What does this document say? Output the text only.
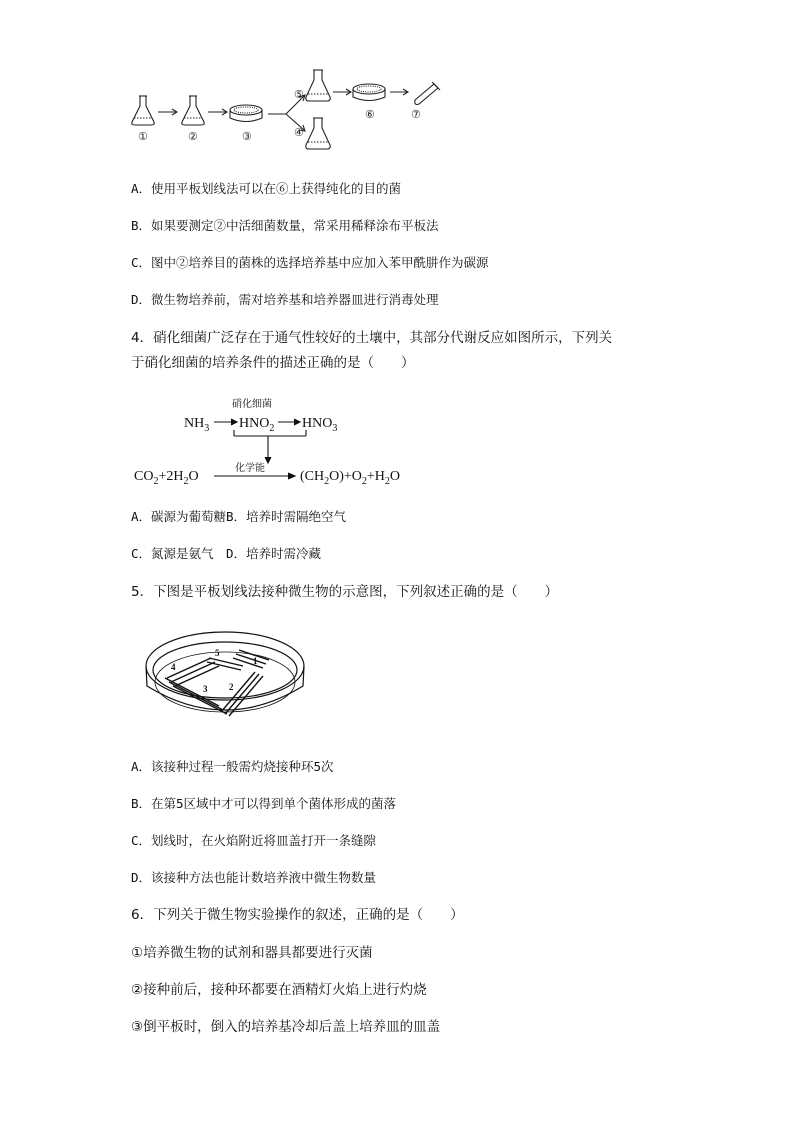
①	②	③	④
⑤
⑥	⑦
A．使用平板划线法可以在⑥上获得纯化的目的菌
B．如果要测定②中活细菌数量，常采用稀释涂布平板法
C．图中②培养目的菌株的选择培养基中应加入苯甲酰肼作为碳源
D．微生物培养前，需对培养基和培养器皿进行消毒处理
4．硝化细菌广泛存在于通气性较好的土壤中，其部分代谢反应如图所示，下列关
于硝化细菌的培养条件的描述正确的是（　　）
硝化细菌
$NH_3$ $HNO_2$ $HNO_3$
化学能
$CO_2+2H_2O$	$(CH_2O)+O_2+H_2O$
A．碳源为葡萄糖B．培养时需隔绝空气
C．氮源是氨气　D．培养时需冷藏
5．下图是平板划线法接种微生物的示意图，下列叙述正确的是（　　）
1
2
3
4
5
A．该接种过程一般需灼烧接种环5次
B．在第5区域中才可以得到单个菌体形成的菌落
C．划线时，在火焰附近将皿盖打开一条缝隙
D．该接种方法也能计数培养液中微生物数量
6．下列关于微生物实验操作的叙述，正确的是（　　）
①培养微生物的试剂和器具都要进行灭菌
②接种前后，接种环都要在酒精灯火焰上进行灼烧
③倒平板时，倒入的培养基冷却后盖上培养皿的皿盖
